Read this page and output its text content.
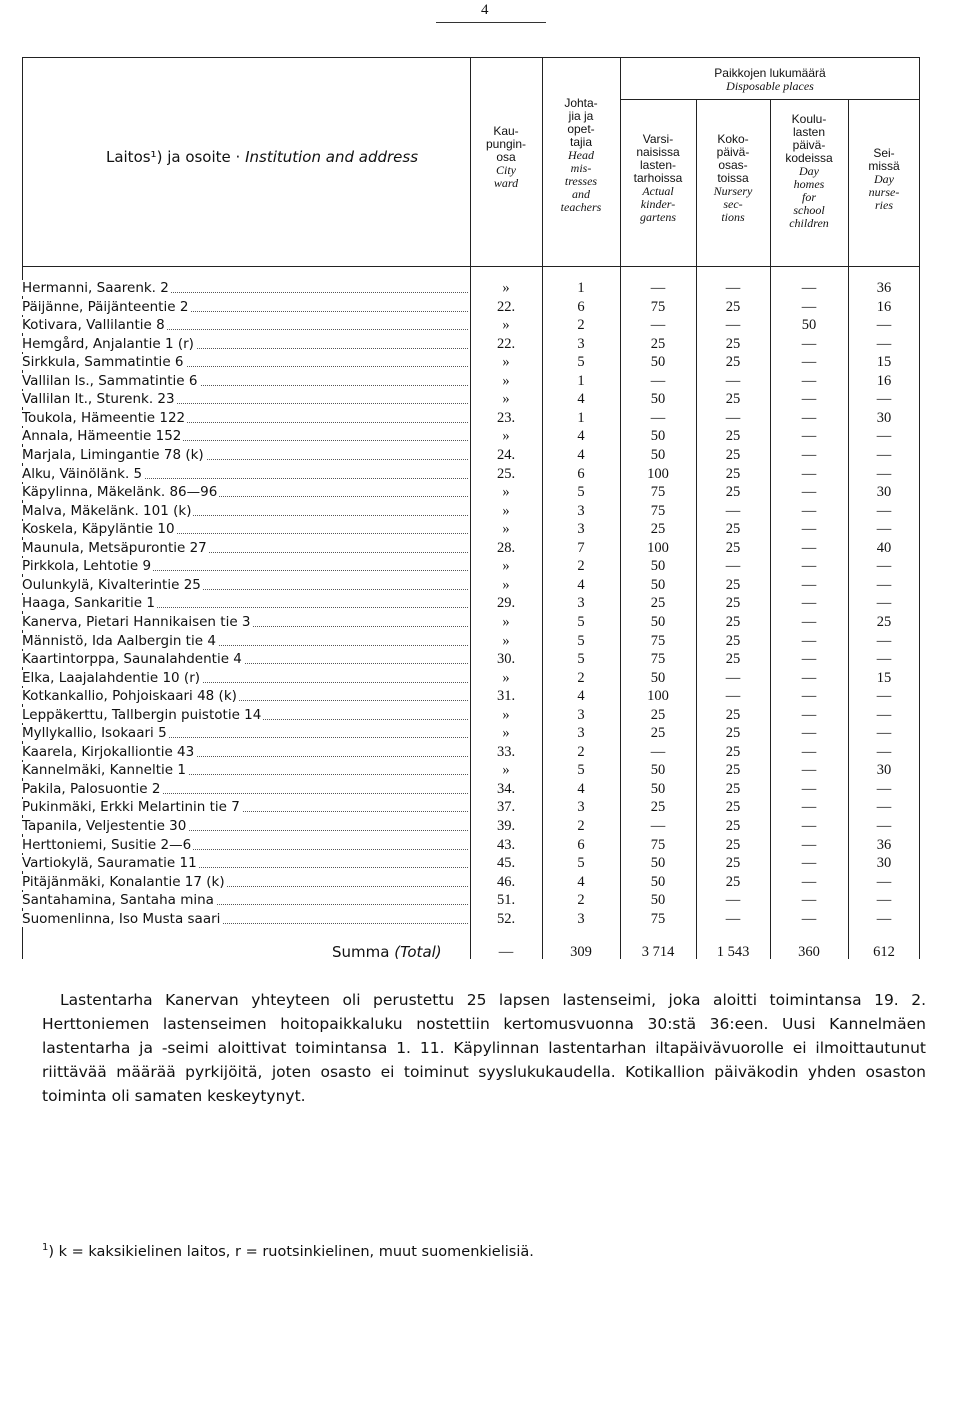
4
Laitos¹) ja osoite · Institution and address
Kau-
pungin-
osa
City
ward
Johta-
jia ja
opet-
tajia
Head
mis-
tresses
and
teachers
Paikkojen lukumäärä
Disposable places
Varsi-
naisissa
lasten-
tarhoissa
Actual
kinder-
gartens
Koko-
päivä-
osas-
toissa
Nursery
sec-
tions
Koulu-
lasten
päivä-
kodeissa
Day
homes
for
school
children
Sei-
missä
Day
nurse-
ries
Hermanni, Saarenk. 2	»	1	—	—	—	36
Päijänne, Päijänteentie 2	22.	6	75	25	—	16
Kotivara, Vallilantie 8	»	2	—	—	50	—
Hemgård, Anjalantie 1 (r)	22.	3	25	25	—	—
Sirkkula, Sammatintie 6	»	5	50	25	—	15
Vallilan ls., Sammatintie 6	»	1	—	—	—	16
Vallilan lt., Sturenk. 23	»	4	50	25	—	—
Toukola, Hämeentie 122	23.	1	—	—	—	30
Annala, Hämeentie 152	»	4	50	25	—	—
Marjala, Limingantie 78 (k)	24.	4	50	25	—	—
Alku, Väinölänk. 5	25.	6	100	25	—	—
Käpylinna, Mäkelänk. 86—96	»	5	75	25	—	30
Malva, Mäkelänk. 101 (k)	»	3	75	—	—	—
Koskela, Käpyläntie 10	»	3	25	25	—	—
Maunula, Metsäpurontie 27	28.	7	100	25	—	40
Pirkkola, Lehtotie 9	»	2	50	—	—	—
Oulunkylä, Kivalterintie 25	»	4	50	25	—	—
Haaga, Sankaritie 1	29.	3	25	25	—	—
Kanerva, Pietari Hannikaisen tie 3	»	5	50	25	—	25
Männistö, Ida Aalbergin tie 4	»	5	75	25	—	—
Kaartintorppa, Saunalahdentie 4	30.	5	75	25	—	—
Elka, Laajalahdentie 10 (r)	»	2	50	—	—	15
Kotkankallio, Pohjoiskaari 48 (k)	31.	4	100	—	—	—
Leppäkerttu, Tallbergin puistotie 14	»	3	25	25	—	—
Myllykallio, Isokaari 5	»	3	25	25	—	—
Kaarela, Kirjokalliontie 43	33.	2	—	25	—	—
Kannelmäki, Kanneltie 1	»	5	50	25	—	30
Pakila, Palosuontie 2	34.	4	50	25	—	—
Pukinmäki, Erkki Melartinin tie 7	37.	3	25	25	—	—
Tapanila, Veljestentie 30	39.	2	—	25	—	—
Herttoniemi, Susitie 2—6	43.	6	75	25	—	36
Vartiokylä, Sauramatie 11	45.	5	50	25	—	30
Pitäjänmäki, Konalantie 17 (k)	46.	4	50	25	—	—
Santahamina, Santaha mina	51.	2	50	—	—	—
Suomenlinna, Iso Musta saari	52.	3	75	—	—	—
Summa (Total)	—	309	3 714	1 543	360	612

Lastentarha Kanervan yhteyteen oli perustettu 25 lapsen lastenseimi, joka aloitti toimintansa 19. 2. Herttoniemen lastenseimen hoitopaikkaluku nostettiin kertomusvuonna 30:stä 36:een. Uusi Kannelmäen lastentarha ja -seimi aloittivat toimintansa 1. 11. Käpylinnan lastentarhan iltapäivävuorolle ei ilmoittautunut riittävää määrää pyrkijöitä, joten osasto ei toiminut syyslukukaudella. Kotikallion päiväkodin yhden osaston toiminta oli samaten keskeytynyt.

$^1$) k = kaksikielinen laitos, r = ruotsinkielinen, muut suomenkielisiä.
